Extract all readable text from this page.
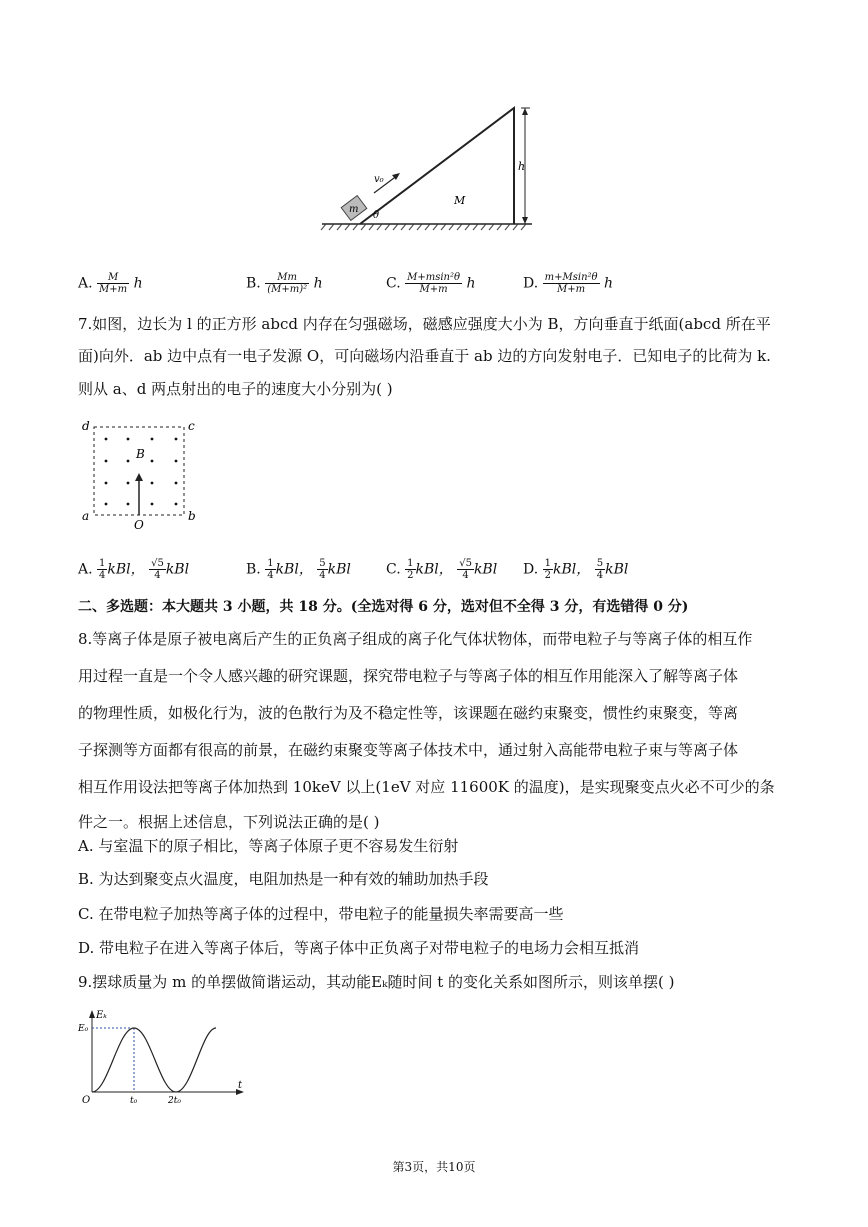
v₀
m
θ
M
h
A. $\frac{M}{M+m}$ h	B. $\frac{Mm}{\text{(M+m)²}}$ h	C. $\frac{\text{M+msin²θ}}{M+m}$ h	D. $\frac{\text{m+Msin²θ}}{M+m}$ h
7.如图，边长为 l 的正方形 abcd 内存在匀强磁场，磁感应强度大小为 B，方向垂直于纸面(abcd 所在平
面)向外．ab 边中点有一电子发源 O，可向磁场内沿垂直于 ab 边的方向发射电子．已知电子的比荷为 k.
则从 a、d 两点射出的电子的速度大小分别为( )
d	c
a	b
B
O
A. $\frac{1}{4}$ kBl， $\frac{√5}{4}$ kBl	B. $\frac{1}{4}$ kBl， $\frac{5}{4}$ kBl	C. $\frac{1}{2}$ kBl， $\frac{√5}{4}$ kBl D. $\frac{1}{2}$ kBl， $\frac{5}{4}$ kBl
二、多选题：本大题共 3 小题，共 18 分。(全选对得 6 分，选对但不全得 3 分，有选错得 0 分)
8.等离子体是原子被电离后产生的正负离子组成的离子化气体状物体，而带电粒子与等离子体的相互作
用过程一直是一个令人感兴趣的研究课题，探究带电粒子与等离子体的相互作用能深入了解等离子体
的物理性质，如极化行为，波的色散行为及不稳定性等，该课题在磁约束聚变，惯性约束聚变，等离
子探测等方面都有很高的前景，在磁约束聚变等离子体技术中，通过射入高能带电粒子束与等离子体
相互作用设法把等离子体加热到 10keV 以上(1eV 对应 11600K 的温度)，是实现聚变点火必不可少的条
件之一。根据上述信息，下列说法正确的是( )
A. 与室温下的原子相比，等离子体原子更不容易发生衍射
B. 为达到聚变点火温度，电阻加热是一种有效的辅助加热手段
C. 在带电粒子加热等离子体的过程中，带电粒子的能量损失率需要高一些
D. 带电粒子在进入等离子体后，等离子体中正负离子对带电粒子的电场力会相互抵消
9.摆球质量为 m 的单摆做简谐运动，其动能Eₖ随时间 t 的变化关系如图所示，则该单摆( )
Eₖ
t
O
E₀
t₀	2t₀
第3页，共10页
